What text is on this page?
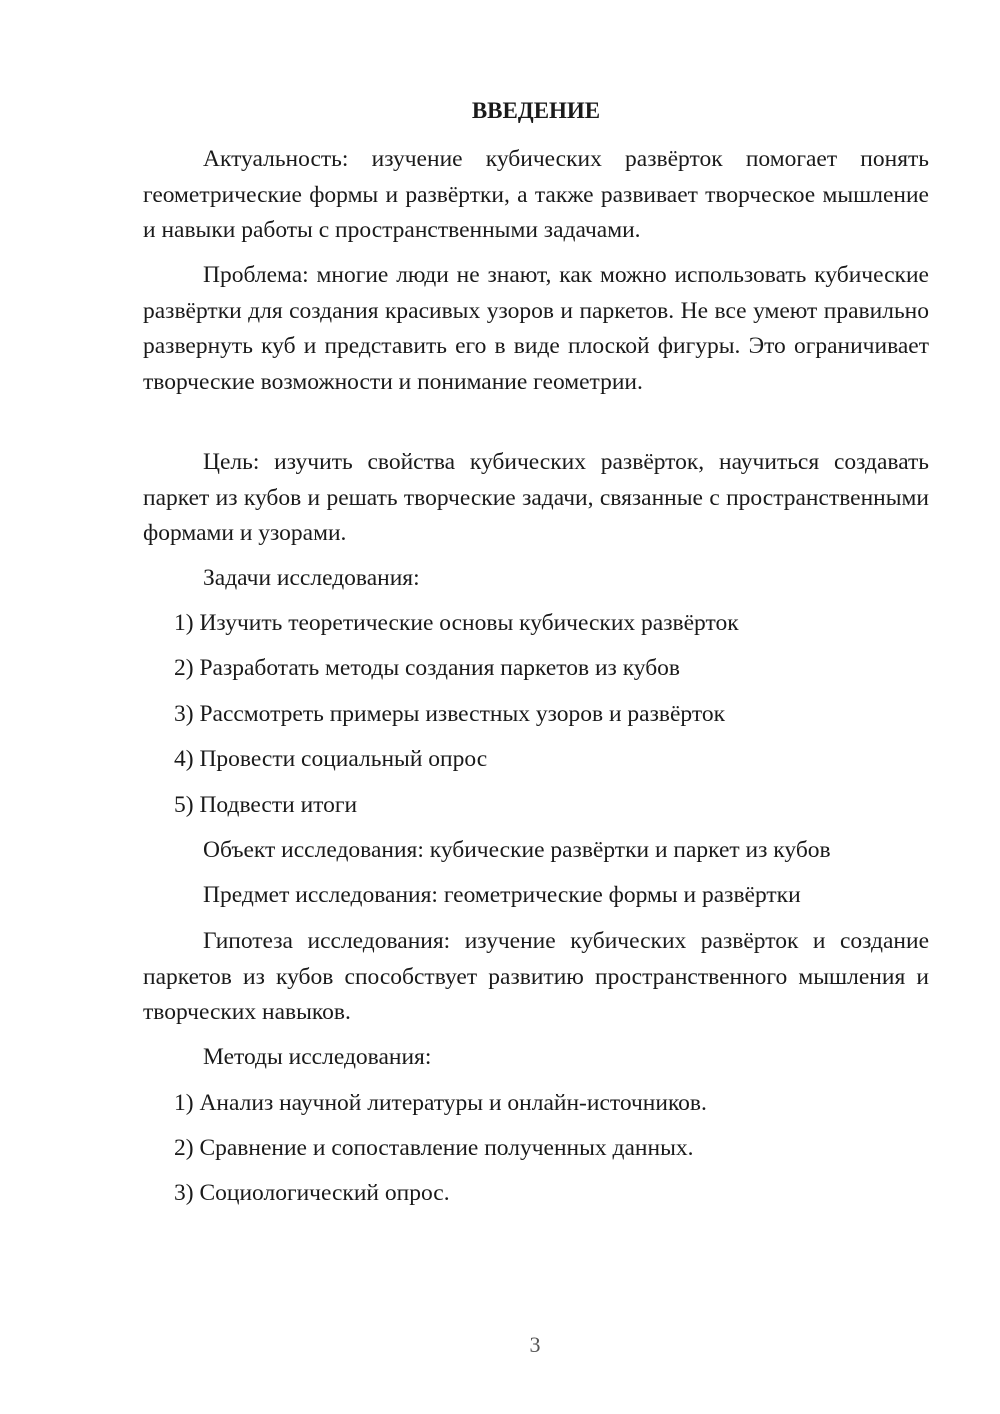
ВВЕДЕНИЕ

Актуальность: изучение кубических развёрток помогает понять геометрические формы и развёртки, а также развивает творческое мышление и навыки работы с пространственными задачами.

Проблема: многие люди не знают, как можно использовать кубические развёртки для создания красивых узоров и паркетов. Не все умеют правильно развернуть куб и представить его в виде плоской фигуры. Это ограничивает творческие возможности и понимание геометрии.

Цель: изучить свойства кубических развёрток, научиться создавать паркет из кубов и решать творческие задачи, связанные с пространственными формами и узорами.

Задачи исследования:

1) Изучить теоретические основы кубических развёрток

2) Разработать методы создания паркетов из кубов

3) Рассмотреть примеры известных узоров и развёрток

4) Провести социальный опрос

5) Подвести итоги

Объект исследования: кубические развёртки и паркет из кубов

Предмет исследования: геометрические формы и развёртки

Гипотеза исследования: изучение кубических развёрток и создание паркетов из кубов способствует развитию пространственного мышления и творческих навыков.

Методы исследования:

1) Анализ научной литературы и онлайн-источников.

2) Сравнение и сопоставление полученных данных.

3) Социологический опрос.

3
